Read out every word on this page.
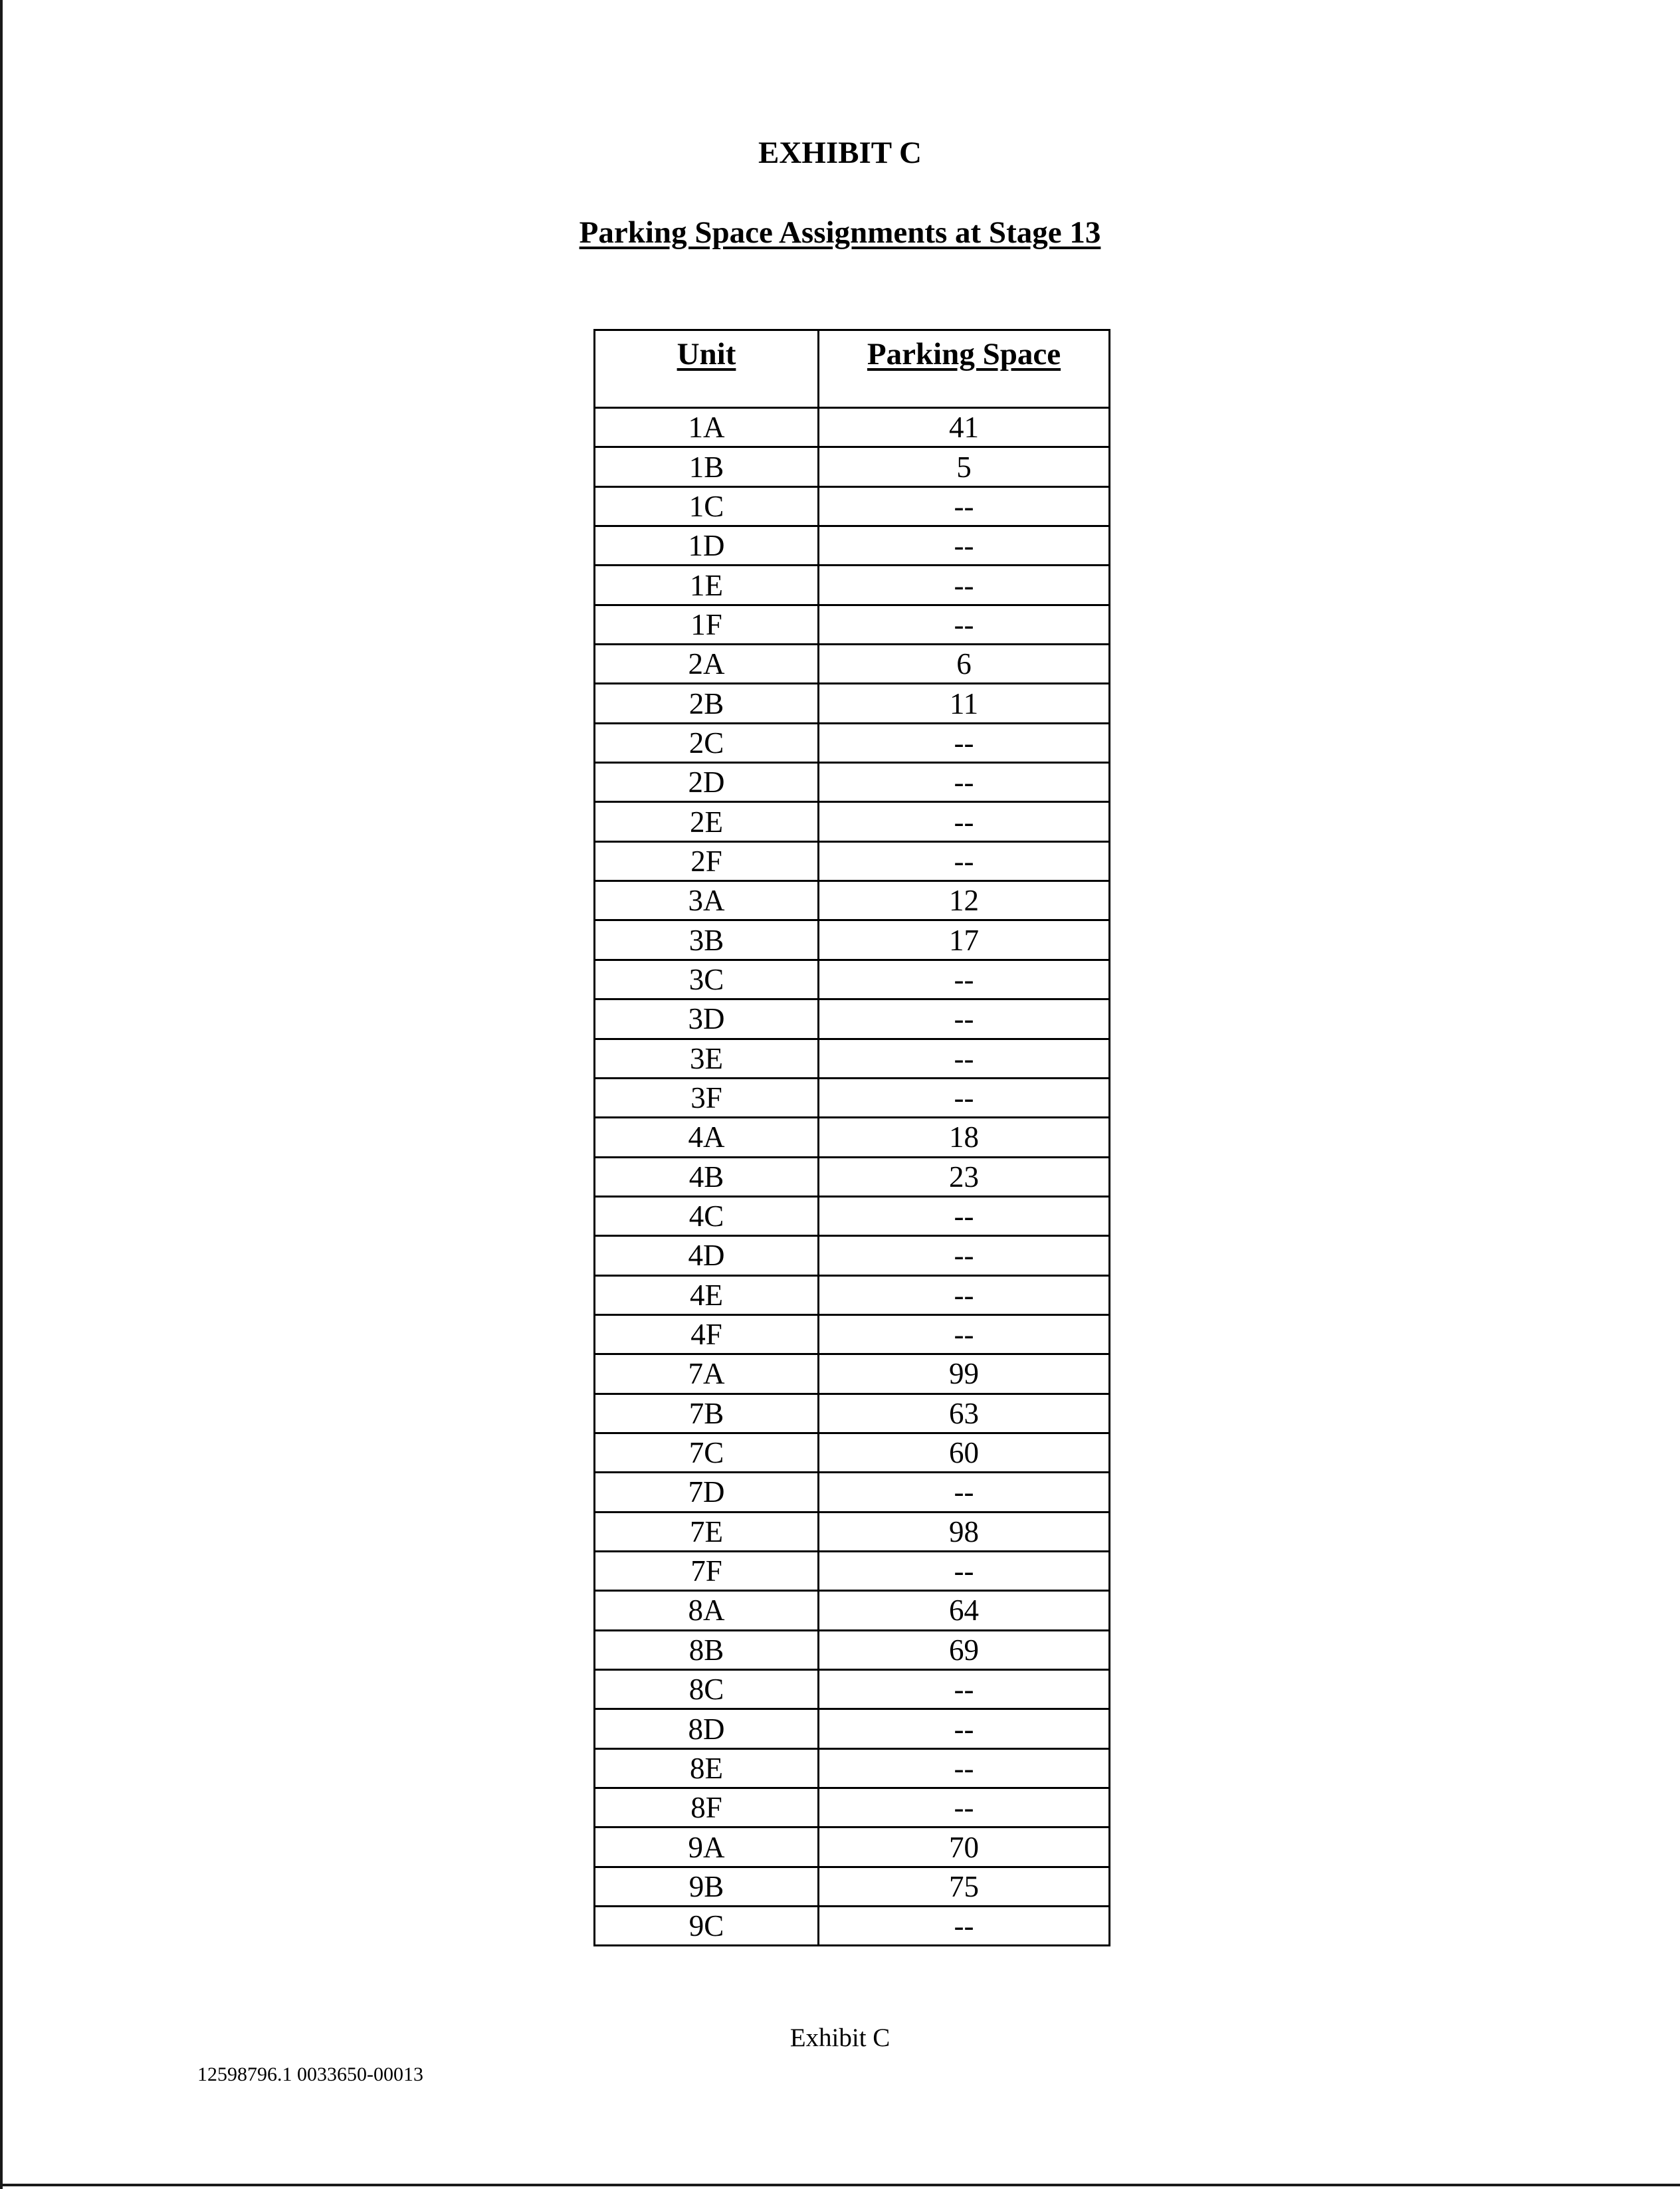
EXHIBIT C
Parking Space Assignments at Stage 13
Unit	Parking Space
1A	41
1B	5
1C	--
1D	--
1E	--
1F	--
2A	6
2B	11
2C	--
2D	--
2E	--
2F	--
3A	12
3B	17
3C	--
3D	--
3E	--
3F	--
4A	18
4B	23
4C	--
4D	--
4E	--
4F	--
7A	99
7B	63
7C	60
7D	--
7E	98
7F	--
8A	64
8B	69
8C	--
8D	--
8E	--
8F	--
9A	70
9B	75
9C	--
Exhibit C
12598796.1 0033650-00013
